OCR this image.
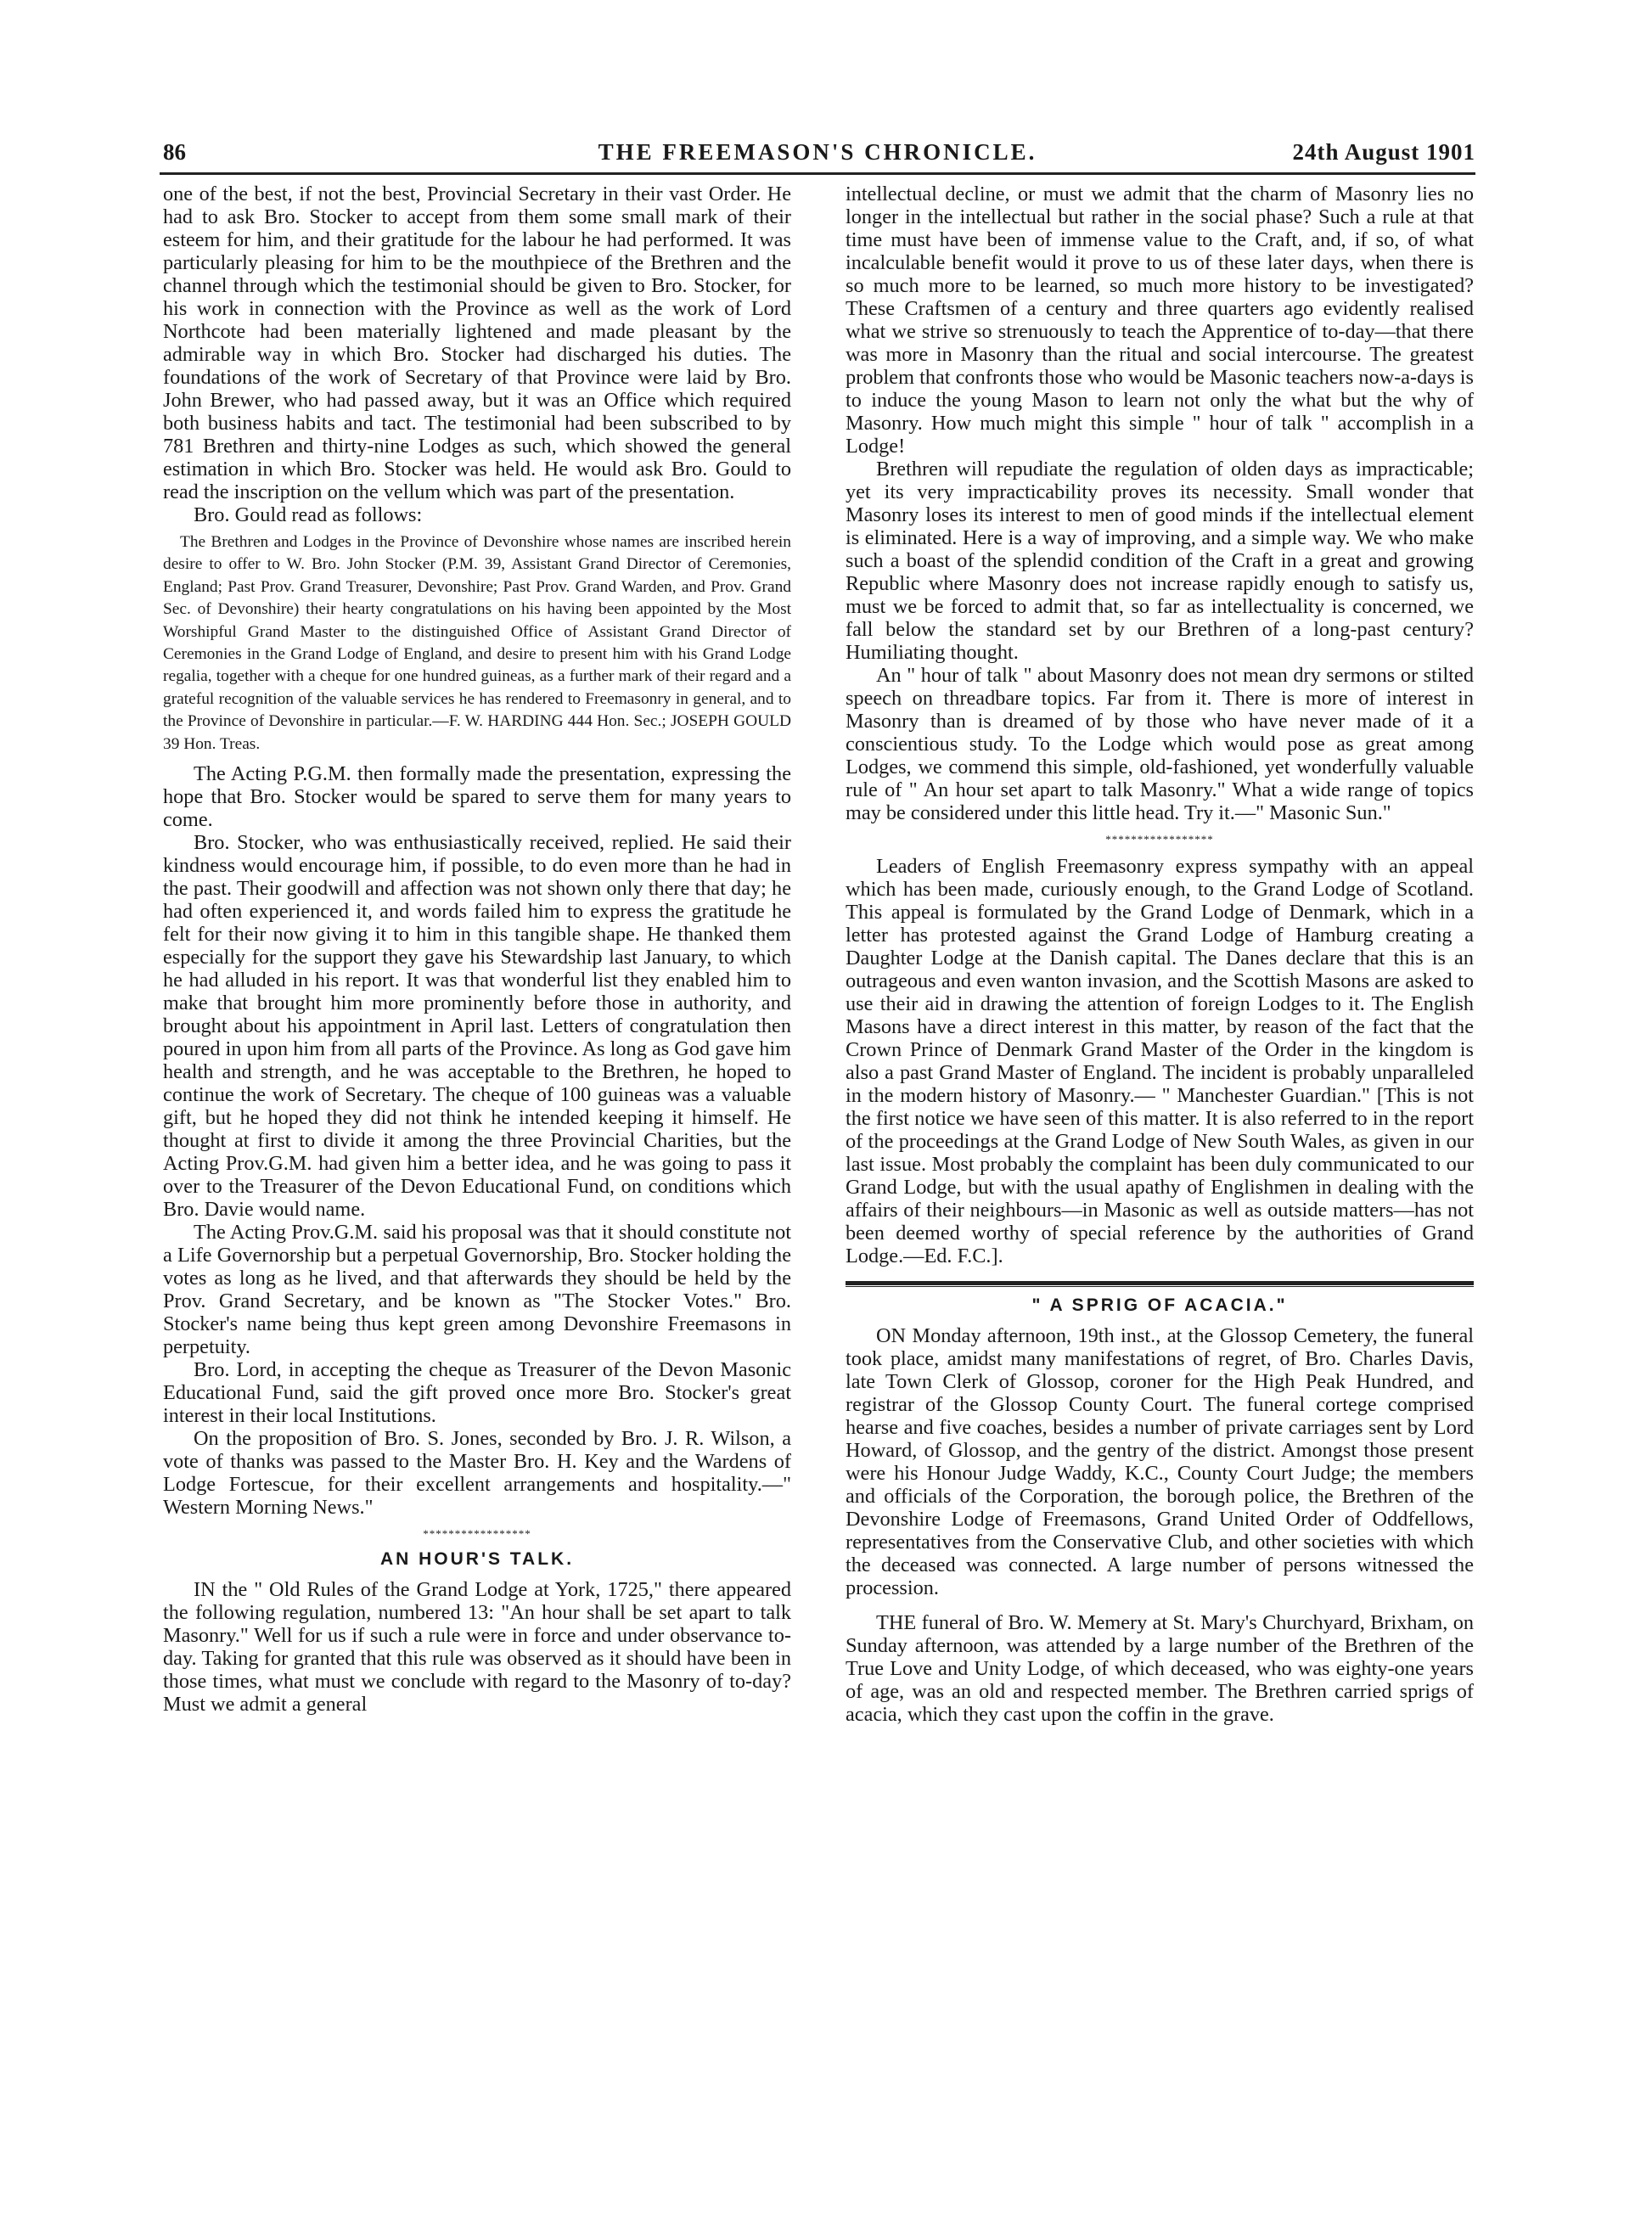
86	THE FREEMASON'S CHRONICLE.	24th August 1901

one of the best, if not the best, Provincial Secretary in their vast Order. He had to ask Bro. Stocker to accept from them some small mark of their esteem for him, and their gratitude for the labour he had performed. It was particularly pleasing for him to be the mouthpiece of the Brethren and the channel through which the testimonial should be given to Bro. Stocker, for his work in connection with the Province as well as the work of Lord Northcote had been materially lightened and made pleasant by the admirable way in which Bro. Stocker had discharged his duties. The foundations of the work of Secretary of that Province were laid by Bro. John Brewer, who had passed away, but it was an Office which required both business habits and tact. The testimonial had been subscribed to by 781 Brethren and thirty-nine Lodges as such, which showed the general estimation in which Bro. Stocker was held. He would ask Bro. Gould to read the inscription on the vellum which was part of the presentation.

Bro. Gould read as follows:

The Brethren and Lodges in the Province of Devonshire whose names are inscribed herein desire to offer to W. Bro. John Stocker (P.M. 39, Assistant Grand Director of Ceremonies, England; Past Prov. Grand Treasurer, Devonshire; Past Prov. Grand Warden, and Prov. Grand Sec. of Devonshire) their hearty congratulations on his having been appointed by the Most Worshipful Grand Master to the distinguished Office of Assistant Grand Director of Ceremonies in the Grand Lodge of England, and desire to present him with his Grand Lodge regalia, together with a cheque for one hundred guineas, as a further mark of their regard and a grateful recognition of the valuable services he has rendered to Freemasonry in general, and to the Province of Devonshire in particular.—F. W. HARDING 444 Hon. Sec.; JOSEPH GOULD 39 Hon. Treas.

The Acting P.G.M. then formally made the presentation, expressing the hope that Bro. Stocker would be spared to serve them for many years to come.

Bro. Stocker, who was enthusiastically received, replied. He said their kindness would encourage him, if possible, to do even more than he had in the past. Their goodwill and affection was not shown only there that day; he had often experienced it, and words failed him to express the gratitude he felt for their now giving it to him in this tangible shape. He thanked them especially for the support they gave his Stewardship last January, to which he had alluded in his report. It was that wonderful list they enabled him to make that brought him more prominently before those in authority, and brought about his appointment in April last. Letters of congratulation then poured in upon him from all parts of the Province. As long as God gave him health and strength, and he was acceptable to the Brethren, he hoped to continue the work of Secretary. The cheque of 100 guineas was a valuable gift, but he hoped they did not think he intended keeping it himself. He thought at first to divide it among the three Provincial Charities, but the Acting Prov.G.M. had given him a better idea, and he was going to pass it over to the Treasurer of the Devon Educational Fund, on conditions which Bro. Davie would name.

The Acting Prov.G.M. said his proposal was that it should constitute not a Life Governorship but a perpetual Governorship, Bro. Stocker holding the votes as long as he lived, and that afterwards they should be held by the Prov. Grand Secretary, and be known as "The Stocker Votes." Bro. Stocker's name being thus kept green among Devonshire Freemasons in perpetuity.

Bro. Lord, in accepting the cheque as Treasurer of the Devon Masonic Educational Fund, said the gift proved once more Bro. Stocker's great interest in their local Institutions.

On the proposition of Bro. S. Jones, seconded by Bro. J. R. Wilson, a vote of thanks was passed to the Master Bro. H. Key and the Wardens of Lodge Fortescue, for their excellent arrangements and hospitality.—" Western Morning News."

*****************
AN HOUR'S TALK.

IN the " Old Rules of the Grand Lodge at York, 1725," there appeared the following regulation, numbered 13: "An hour shall be set apart to talk Masonry." Well for us if such a rule were in force and under observance to-day. Taking for granted that this rule was observed as it should have been in those times, what must we conclude with regard to the Masonry of to-day? Must we admit a general

intellectual decline, or must we admit that the charm of Masonry lies no longer in the intellectual but rather in the social phase? Such a rule at that time must have been of immense value to the Craft, and, if so, of what incalculable benefit would it prove to us of these later days, when there is so much more to be learned, so much more history to be investigated? These Craftsmen of a century and three quarters ago evidently realised what we strive so strenuously to teach the Apprentice of to-day—that there was more in Masonry than the ritual and social intercourse. The greatest problem that confronts those who would be Masonic teachers now-a-days is to induce the young Mason to learn not only the what but the why of Masonry. How much might this simple " hour of talk " accomplish in a Lodge!

Brethren will repudiate the regulation of olden days as impracticable; yet its very impracticability proves its necessity. Small wonder that Masonry loses its interest to men of good minds if the intellectual element is eliminated. Here is a way of improving, and a simple way. We who make such a boast of the splendid condition of the Craft in a great and growing Republic where Masonry does not increase rapidly enough to satisfy us, must we be forced to admit that, so far as intellectuality is concerned, we fall below the standard set by our Brethren of a long-past century? Humiliating thought.

An " hour of talk " about Masonry does not mean dry sermons or stilted speech on threadbare topics. Far from it. There is more of interest in Masonry than is dreamed of by those who have never made of it a conscientious study. To the Lodge which would pose as great among Lodges, we commend this simple, old-fashioned, yet wonderfully valuable rule of " An hour set apart to talk Masonry." What a wide range of topics may be considered under this little head. Try it.—" Masonic Sun."

*****************

Leaders of English Freemasonry express sympathy with an appeal which has been made, curiously enough, to the Grand Lodge of Scotland. This appeal is formulated by the Grand Lodge of Denmark, which in a letter has protested against the Grand Lodge of Hamburg creating a Daughter Lodge at the Danish capital. The Danes declare that this is an outrageous and even wanton invasion, and the Scottish Masons are asked to use their aid in drawing the attention of foreign Lodges to it. The English Masons have a direct interest in this matter, by reason of the fact that the Crown Prince of Denmark Grand Master of the Order in the kingdom is also a past Grand Master of England. The incident is probably unparalleled in the modern history of Masonry.— " Manchester Guardian." [This is not the first notice we have seen of this matter. It is also referred to in the report of the proceedings at the Grand Lodge of New South Wales, as given in our last issue. Most probably the complaint has been duly communicated to our Grand Lodge, but with the usual apathy of Englishmen in dealing with the affairs of their neighbours—in Masonic as well as outside matters—has not been deemed worthy of special reference by the authorities of Grand Lodge.—Ed. F.C.].

" A SPRIG OF ACACIA."

ON Monday afternoon, 19th inst., at the Glossop Cemetery, the funeral took place, amidst many manifestations of regret, of Bro. Charles Davis, late Town Clerk of Glossop, coroner for the High Peak Hundred, and registrar of the Glossop County Court. The funeral cortege comprised hearse and five coaches, besides a number of private carriages sent by Lord Howard, of Glossop, and the gentry of the district. Amongst those present were his Honour Judge Waddy, K.C., County Court Judge; the members and officials of the Corporation, the borough police, the Brethren of the Devonshire Lodge of Freemasons, Grand United Order of Oddfellows, representatives from the Conservative Club, and other societies with which the deceased was connected. A large number of persons witnessed the procession.

THE funeral of Bro. W. Memery at St. Mary's Churchyard, Brixham, on Sunday afternoon, was attended by a large number of the Brethren of the True Love and Unity Lodge, of which deceased, who was eighty-one years of age, was an old and respected member. The Brethren carried sprigs of acacia, which they cast upon the coffin in the grave.
